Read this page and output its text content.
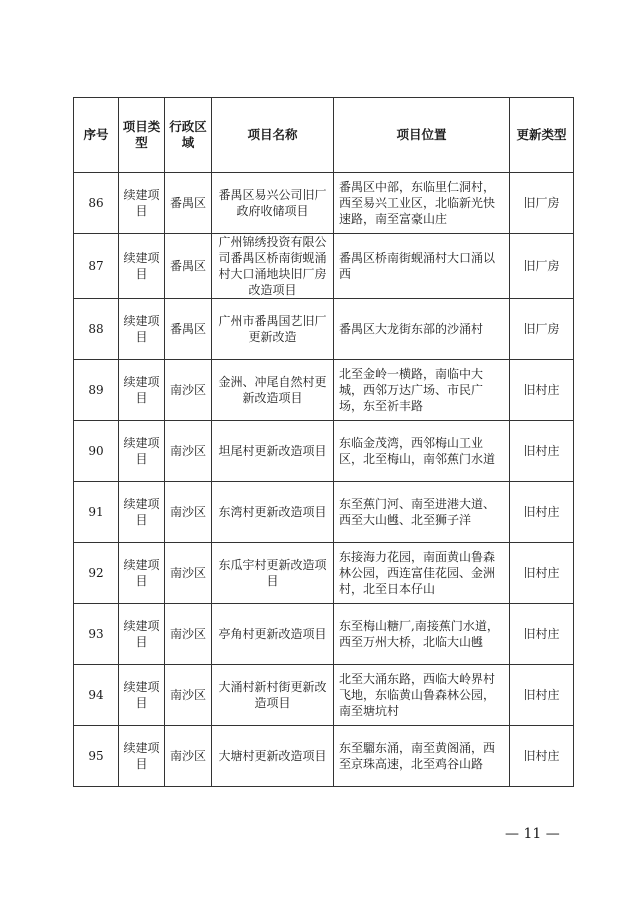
序号	项目类型	行政区域	项目名称	项目位置	更新类型
86	续建项目	番禺区	番禺区易兴公司旧厂政府收储项目	番禺区中部，东临里仁洞村，西至易兴工业区，北临新光快速路，南至富豪山庄	旧厂房
87	续建项目	番禺区	广州锦绣投资有限公司番禺区桥南街蚬涌村大口涌地块旧厂房改造项目	番禺区桥南街蚬涌村大口涌以西	旧厂房
88	续建项目	番禺区	广州市番禺国艺旧厂更新改造	番禺区大龙街东部的沙涌村	旧厂房
89	续建项目	南沙区	金洲、冲尾自然村更新改造项目	北至金岭一横路，南临中大城，西邻万达广场、市民广场，东至祈丰路	旧村庄
90	续建项目	南沙区	坦尾村更新改造项目	东临金茂湾，西邻梅山工业区，北至梅山，南邻蕉门水道	旧村庄
91	续建项目	南沙区	东湾村更新改造项目	东至蕉门河、南至进港大道、西至大山乸、北至狮子洋	旧村庄
92	续建项目	南沙区	东瓜宇村更新改造项目	东接海力花园，南面黄山鲁森林公园，西连富佳花园、金洲村，北至日本仔山	旧村庄
93	续建项目	南沙区	亭角村更新改造项目	东至梅山糖厂,南接蕉门水道，西至万州大桥，北临大山乸	旧村庄
94	续建项目	南沙区	大涌村新村街更新改造项目	北至大涌东路，西临大岭界村飞地，东临黄山鲁森林公园，南至塘坑村	旧村庄
95	续建项目	南沙区	大塘村更新改造项目	东至騮东涌，南至黄阁涌，西至京珠高速，北至鸡谷山路	旧村庄
— 11 —
